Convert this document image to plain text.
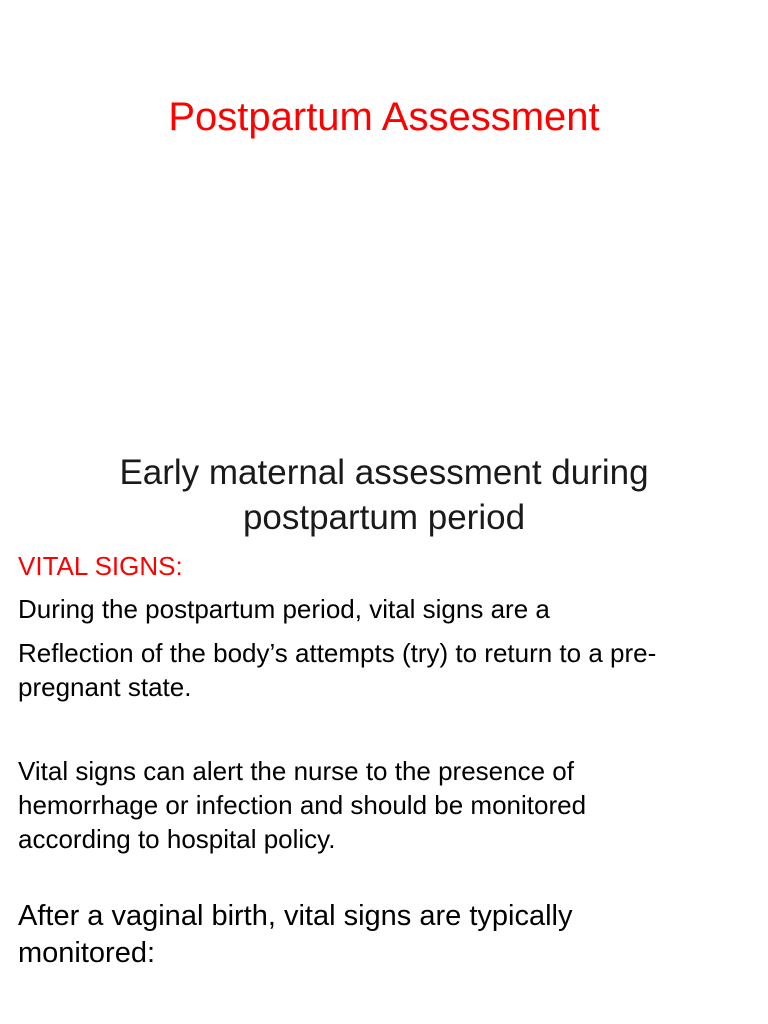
Postpartum Assessment
Early maternal assessment during
postpartum period
VITAL SIGNS:
During the postpartum period, vital signs are a
Reflection of the body’s attempts (try) to return to a pre-
pregnant state.
Vital signs can alert the nurse to the presence of
hemorrhage or infection and should be monitored
according to hospital policy.
After a vaginal birth, vital signs are typically
monitored:
